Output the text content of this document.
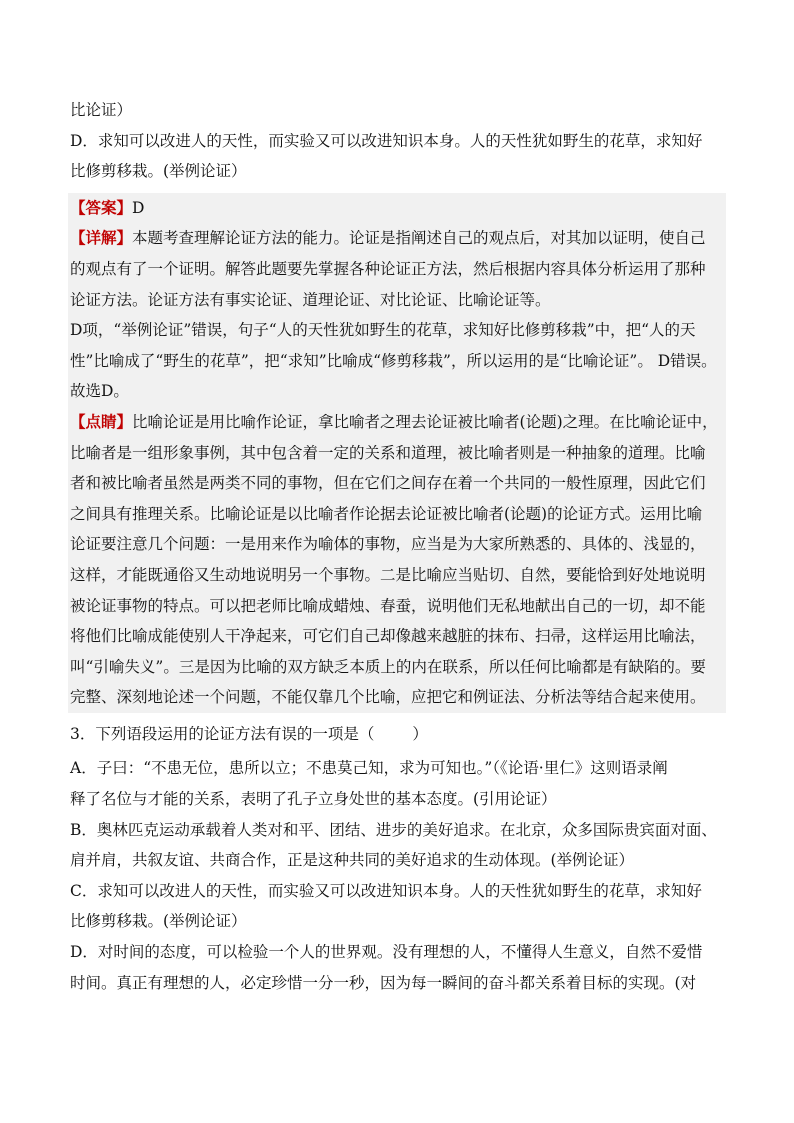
比论证）

D．求知可以改进人的天性，而实验又可以改进知识本身。人的天性犹如野生的花草，求知好

比修剪移栽。(举例论证）

【答案】D

【详解】本题考查理解论证方法的能力。论证是指阐述自己的观点后，对其加以证明，使自己

的观点有了一个证明。解答此题要先掌握各种论证正方法，然后根据内容具体分析运用了那种

论证方法。论证方法有事实论证、道理论证、对比论证、比喻论证等。

D项，“举例论证”错误，句子“人的天性犹如野生的花草，求知好比修剪移栽”中，把“人的天

性”比喻成了“野生的花草”，把“求知”比喻成“修剪移栽”，所以运用的是“比喻论证”。 D错误。

故选D。

【点睛】比喻论证是用比喻作论证，拿比喻者之理去论证被比喻者(论题)之理。在比喻论证中，

比喻者是一组形象事例，其中包含着一定的关系和道理，被比喻者则是一种抽象的道理。比喻

者和被比喻者虽然是两类不同的事物，但在它们之间存在着一个共同的一般性原理，因此它们

之间具有推理关系。比喻论证是以比喻者作论据去论证被比喻者(论题)的论证方式。运用比喻

论证要注意几个问题：一是用来作为喻体的事物，应当是为大家所熟悉的、具体的、浅显的，

这样，才能既通俗又生动地说明另一个事物。二是比喻应当贴切、自然，要能恰到好处地说明

被论证事物的特点。可以把老师比喻成蜡烛、春蚕，说明他们无私地献出自己的一切，却不能

将他们比喻成能使别人干净起来，可它们自己却像越来越脏的抹布、扫帚，这样运用比喻法，

叫“引喻失义”。三是因为比喻的双方缺乏本质上的内在联系，所以任何比喻都是有缺陷的。要

完整、深刻地论述一个问题，不能仅靠几个比喻，应把它和例证法、分析法等结合起来使用。

3．下列语段运用的论证方法有误的一项是（ ）

A．子曰：“不患无位，患所以立；不患莫己知，求为可知也。”（《论语·里仁》这则语录阐

释了名位与才能的关系，表明了孔子立身处世的基本态度。(引用论证）

B．奥林匹克运动承载着人类对和平、团结、进步的美好追求。在北京，众多国际贵宾面对面、

肩并肩，共叙友谊、共商合作，正是这种共同的美好追求的生动体现。(举例论证）

C．求知可以改进人的天性，而实验又可以改进知识本身。人的天性犹如野生的花草，求知好

比修剪移栽。(举例论证）

D．对时间的态度，可以检验一个人的世界观。没有理想的人，不懂得人生意义，自然不爱惜

时间。真正有理想的人，必定珍惜一分一秒，因为每一瞬间的奋斗都关系着目标的实现。(对
